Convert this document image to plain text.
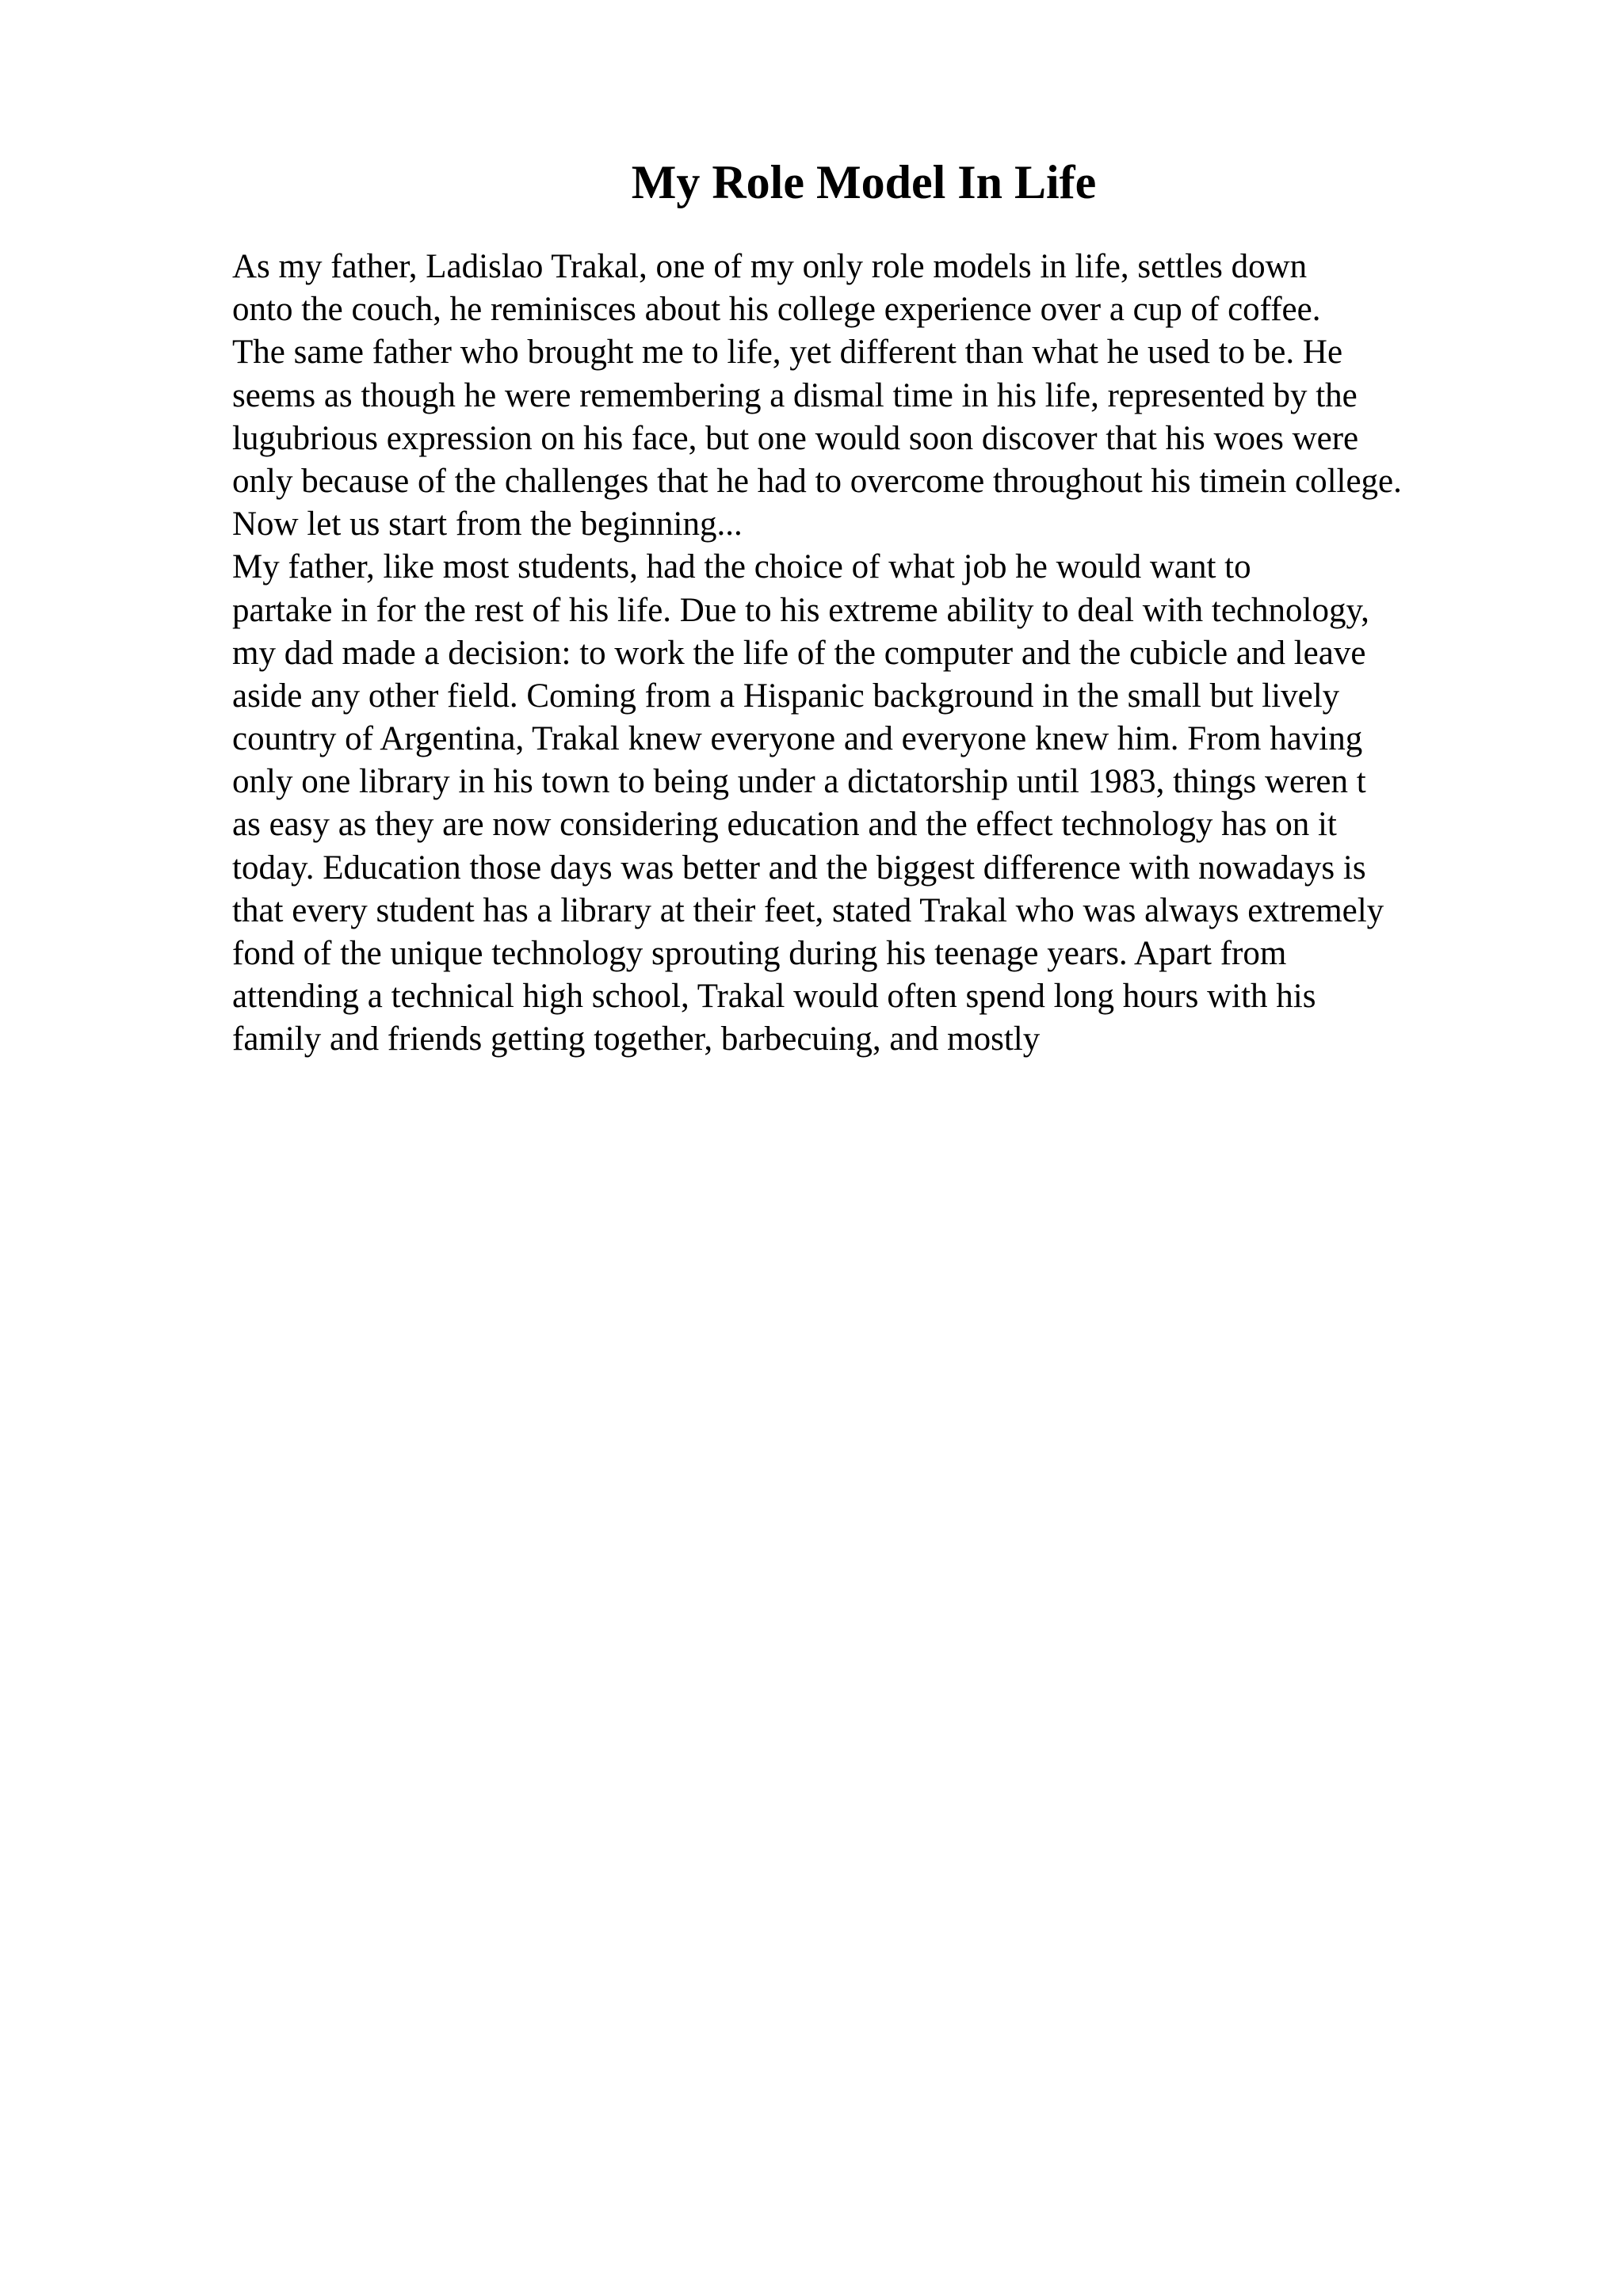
My Role Model In Life
As my father, Ladislao Trakal, one of my only role models in life, settles down
onto the couch, he reminisces about his college experience over a cup of coffee.
The same father who brought me to life, yet different than what he used to be. He
seems as though he were remembering a dismal time in his life, represented by the
lugubrious expression on his face, but one would soon discover that his woes were
only because of the challenges that he had to overcome throughout his timein college.
Now let us start from the beginning...
My father, like most students, had the choice of what job he would want to
partake in for the rest of his life. Due to his extreme ability to deal with technology,
my dad made a decision: to work the life of the computer and the cubicle and leave
aside any other field. Coming from a Hispanic background in the small but lively
country of Argentina, Trakal knew everyone and everyone knew him. From having
only one library in his town to being under a dictatorship until 1983, things weren t
as easy as they are now considering education and the effect technology has on it
today. Education those days was better and the biggest difference with nowadays is
that every student has a library at their feet, stated Trakal who was always extremely
fond of the unique technology sprouting during his teenage years. Apart from
attending a technical high school, Trakal would often spend long hours with his
family and friends getting together, barbecuing, and mostly
